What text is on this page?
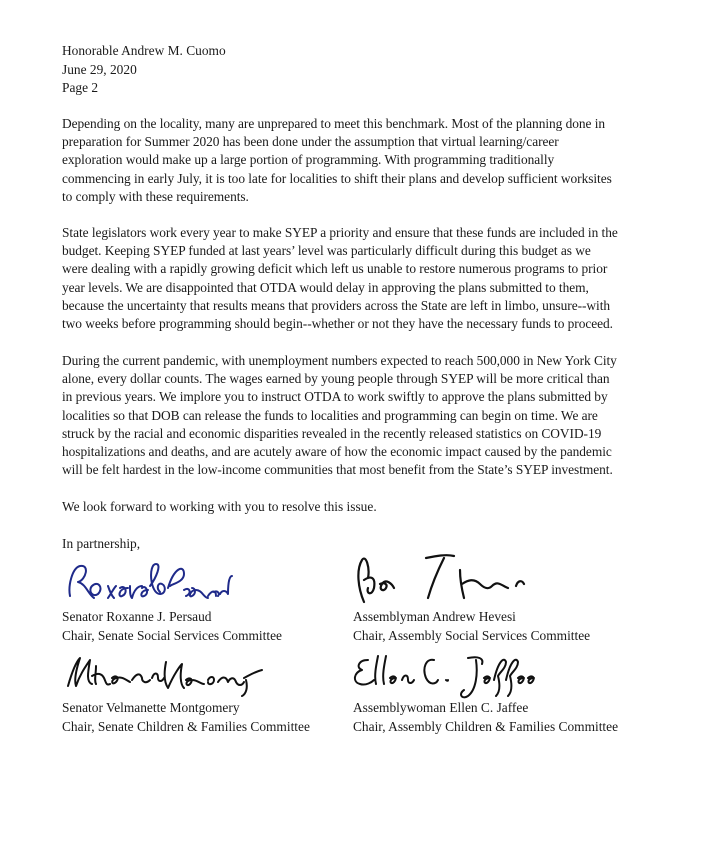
Honorable Andrew M. Cuomo
June 29, 2020
Page 2

Depending on the locality, many are unprepared to meet this benchmark. Most of the planning done in
preparation for Summer 2020 has been done under the assumption that virtual learning/career
exploration would make up a large portion of programming. With programming traditionally
commencing in early July, it is too late for localities to shift their plans and develop sufficient worksites
to comply with these requirements.

State legislators work every year to make SYEP a priority and ensure that these funds are included in the
budget. Keeping SYEP funded at last years’ level was particularly difficult during this budget as we
were dealing with a rapidly growing deficit which left us unable to restore numerous programs to prior
year levels. We are disappointed that OTDA would delay in approving the plans submitted to them,
because the uncertainty that results means that providers across the State are left in limbo, unsure--with
two weeks before programming should begin--whether or not they have the necessary funds to proceed.

During the current pandemic, with unemployment numbers expected to reach 500,000 in New York City
alone, every dollar counts. The wages earned by young people through SYEP will be more critical than
in previous years. We implore you to instruct OTDA to work swiftly to approve the plans submitted by
localities so that DOB can release the funds to localities and programming can begin on time. We are
struck by the racial and economic disparities revealed in the recently released statistics on COVID-19
hospitalizations and deaths, and are acutely aware of how the economic impact caused by the pandemic
will be felt hardest in the low-income communities that most benefit from the State’s SYEP investment.

We look forward to working with you to resolve this issue.

In partnership,

Senator Roxanne J. Persaud
Chair, Senate Social Services Committee
Assemblyman Andrew Hevesi
Chair, Assembly Social Services Committee
Senator Velmanette Montgomery
Chair, Senate Children & Families Committee
Assemblywoman Ellen C. Jaffee
Chair, Assembly Children & Families Committee
